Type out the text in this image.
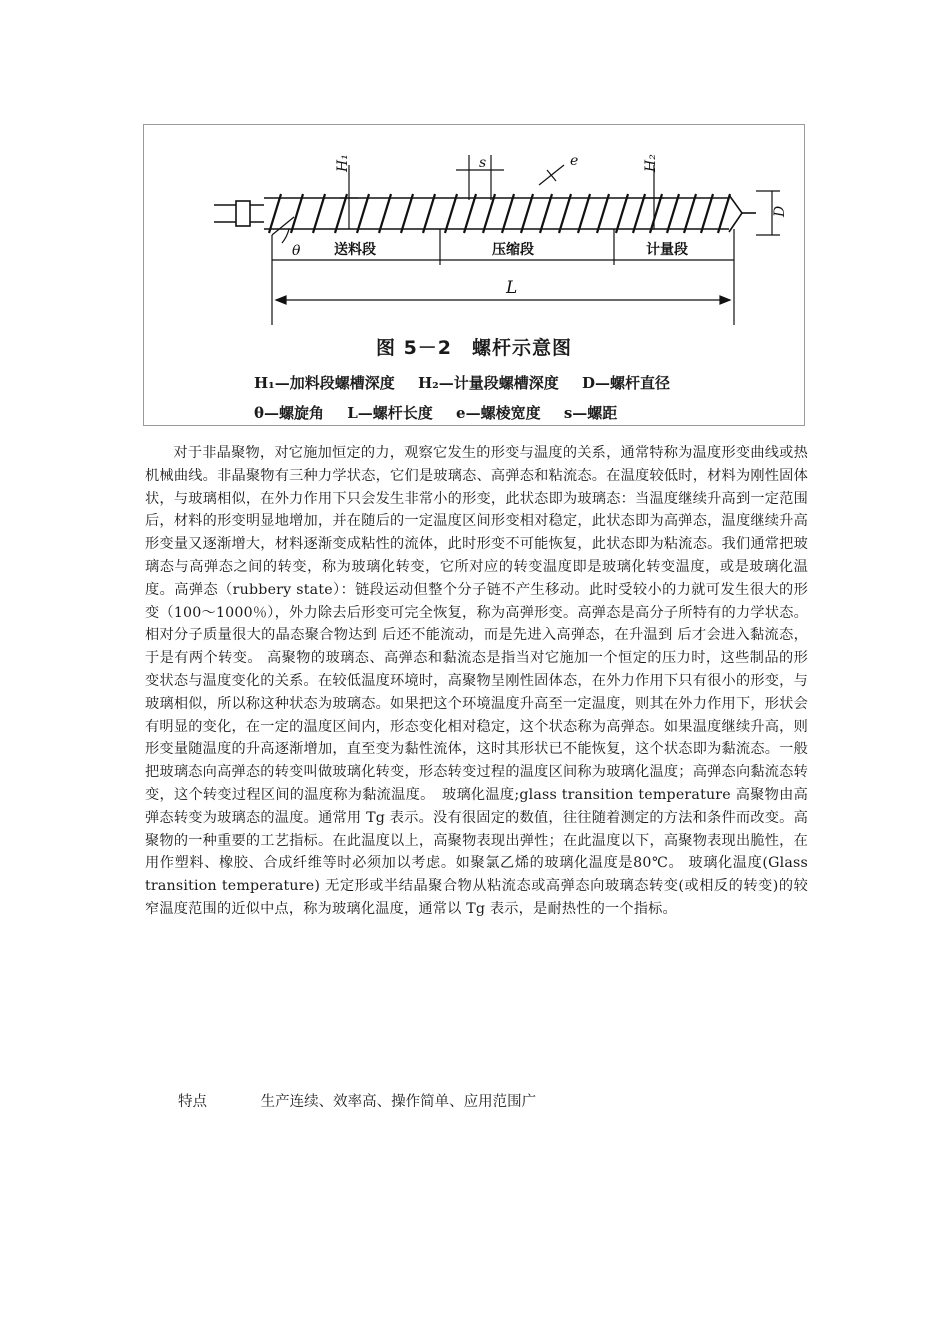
H₁	H₂
s	e
D
θ
L
送料段	压缩段	计量段
图 5－2　螺杆示意图
H₁—加料段螺槽深度 H₂—计量段螺槽深度 D—螺杆直径
θ—螺旋角 L—螺杆长度 e—螺棱宽度 s—螺距
对于非晶聚物，对它施加恒定的力，观察它发生的形变与温度的关系，通常特称为温度形变曲线或热机械曲线。非晶聚物有三种力学状态，它们是玻璃态、高弹态和粘流态。在温度较低时，材料为刚性固体状，与玻璃相似，在外力作用下只会发生非常小的形变，此状态即为玻璃态：当温度继续升高到一定范围后，材料的形变明显地增加，并在随后的一定温度区间形变相对稳定，此状态即为高弹态，温度继续升高形变量又逐渐增大，材料逐渐变成粘性的流体，此时形变不可能恢复，此状态即为粘流态。我们通常把玻璃态与高弹态之间的转变，称为玻璃化转变，它所对应的转变温度即是玻璃化转变温度，或是玻璃化温度。高弹态（rubbery state）：链段运动但整个分子链不产生移动。此时受较小的力就可发生很大的形变（100～1000％），外力除去后形变可完全恢复，称为高弹形变。高弹态是高分子所特有的力学状态。相对分子质量很大的晶态聚合物达到 后还不能流动，而是先进入高弹态，在升温到 后才会进入黏流态，于是有两个转变。 高聚物的玻璃态、高弹态和黏流态是指当对它施加一个恒定的压力时，这些制品的形变状态与温度变化的关系。在较低温度环境时，高聚物呈刚性固体态，在外力作用下只有很小的形变，与玻璃相似，所以称这种状态为玻璃态。如果把这个环境温度升高至一定温度，则其在外力作用下，形状会有明显的变化，在一定的温度区间内，形态变化相对稳定，这个状态称为高弹态。如果温度继续升高，则形变量随温度的升高逐渐增加，直至变为黏性流体，这时其形状已不能恢复，这个状态即为黏流态。一般把玻璃态向高弹态的转变叫做玻璃化转变，形态转变过程的温度区间称为玻璃化温度；高弹态向黏流态转变，这个转变过程区间的温度称为黏流温度。　玻璃化温度;glass transition temperature 高聚物由高弹态转变为玻璃态的温度。通常用 Tg 表示。没有很固定的数值，往往随着测定的方法和条件而改变。高聚物的一种重要的工艺指标。在此温度以上，高聚物表现出弹性；在此温度以下，高聚物表现出脆性，在用作塑料、橡胶、合成纤维等时必须加以考虑。如聚氯乙烯的玻璃化温度是80℃。 玻璃化温度(Glass transition temperature) 无定形或半结晶聚合物从粘流态或高弹态向玻璃态转变(或相反的转变)的较窄温度范围的近似中点，称为玻璃化温度，通常以 Tg 表示，是耐热性的一个指标。
特点	生产连续、效率高、操作简单、应用范围广
